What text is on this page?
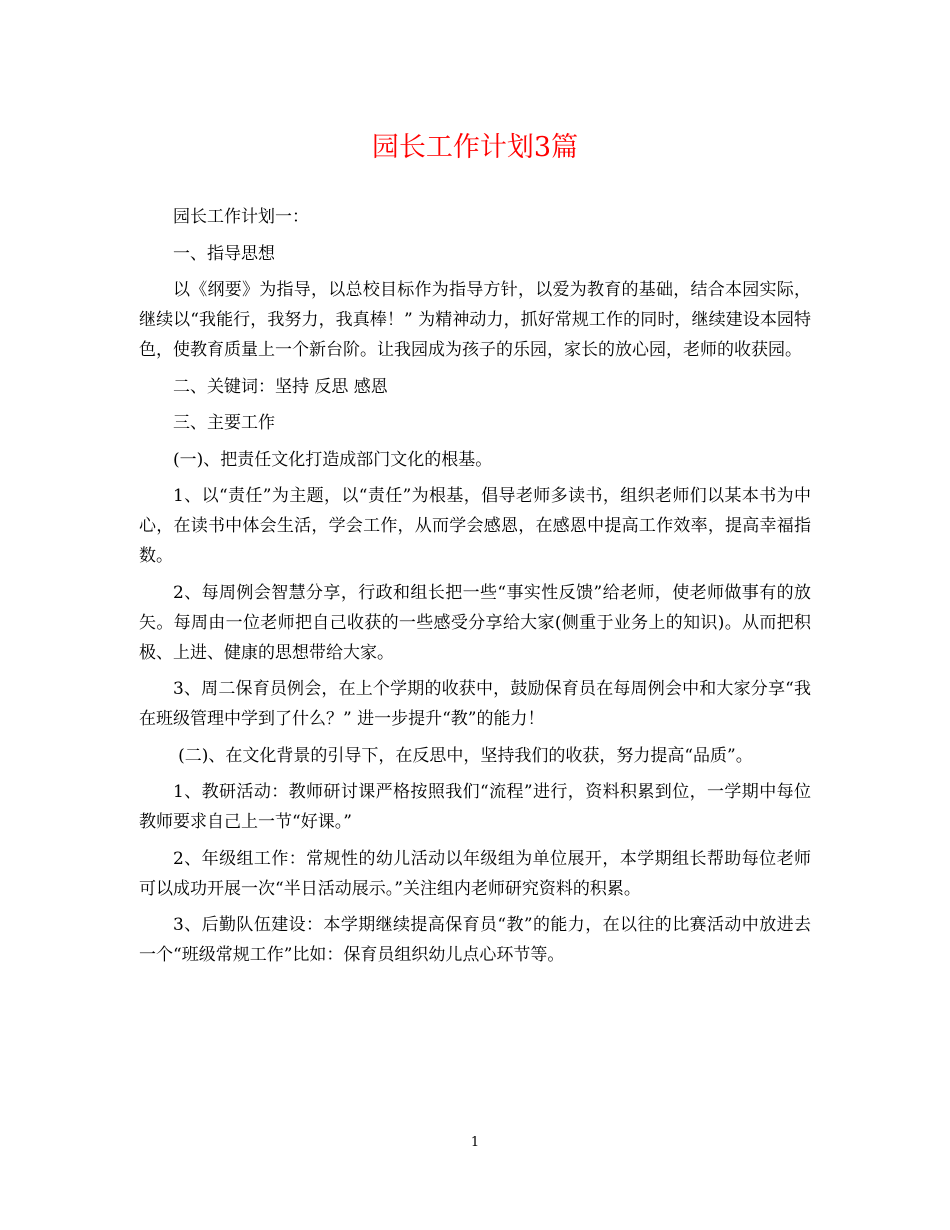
园长工作计划3篇

园长工作计划一：

一、指导思想

以《纲要》为指导，以总校目标作为指导方针，以爱为教育的基础，结合本园实际，继续以“我能行，我努力，我真棒！” 为精神动力，抓好常规工作的同时，继续建设本园特色，使教育质量上一个新台阶。让我园成为孩子的乐园，家长的放心园，老师的收获园。

二、关键词：坚持 反思 感恩

三、主要工作

(一)、把责任文化打造成部门文化的根基。

1、以“责任”为主题，以“责任”为根基，倡导老师多读书，组织老师们以某本书为中心，在读书中体会生活，学会工作，从而学会感恩，在感恩中提高工作效率，提高幸福指数。

2、每周例会智慧分享，行政和组长把一些“事实性反馈”给老师，使老师做事有的放矢。每周由一位老师把自己收获的一些感受分享给大家(侧重于业务上的知识)。从而把积极、上进、健康的思想带给大家。

3、周二保育员例会，在上个学期的收获中，鼓励保育员在每周例会中和大家分享“我在班级管理中学到了什么？” 进一步提升“教”的能力！

(二)、在文化背景的引导下，在反思中，坚持我们的收获，努力提高“品质”。

1、教研活动：教师研讨课严格按照我们“流程”进行，资料积累到位，一学期中每位教师要求自己上一节“好课。”

2、年级组工作：常规性的幼儿活动以年级组为单位展开，本学期组长帮助每位老师可以成功开展一次“半日活动展示。”关注组内老师研究资料的积累。

3、后勤队伍建设：本学期继续提高保育员“教”的能力，在以往的比赛活动中放进去一个“班级常规工作”比如：保育员组织幼儿点心环节等。

1
